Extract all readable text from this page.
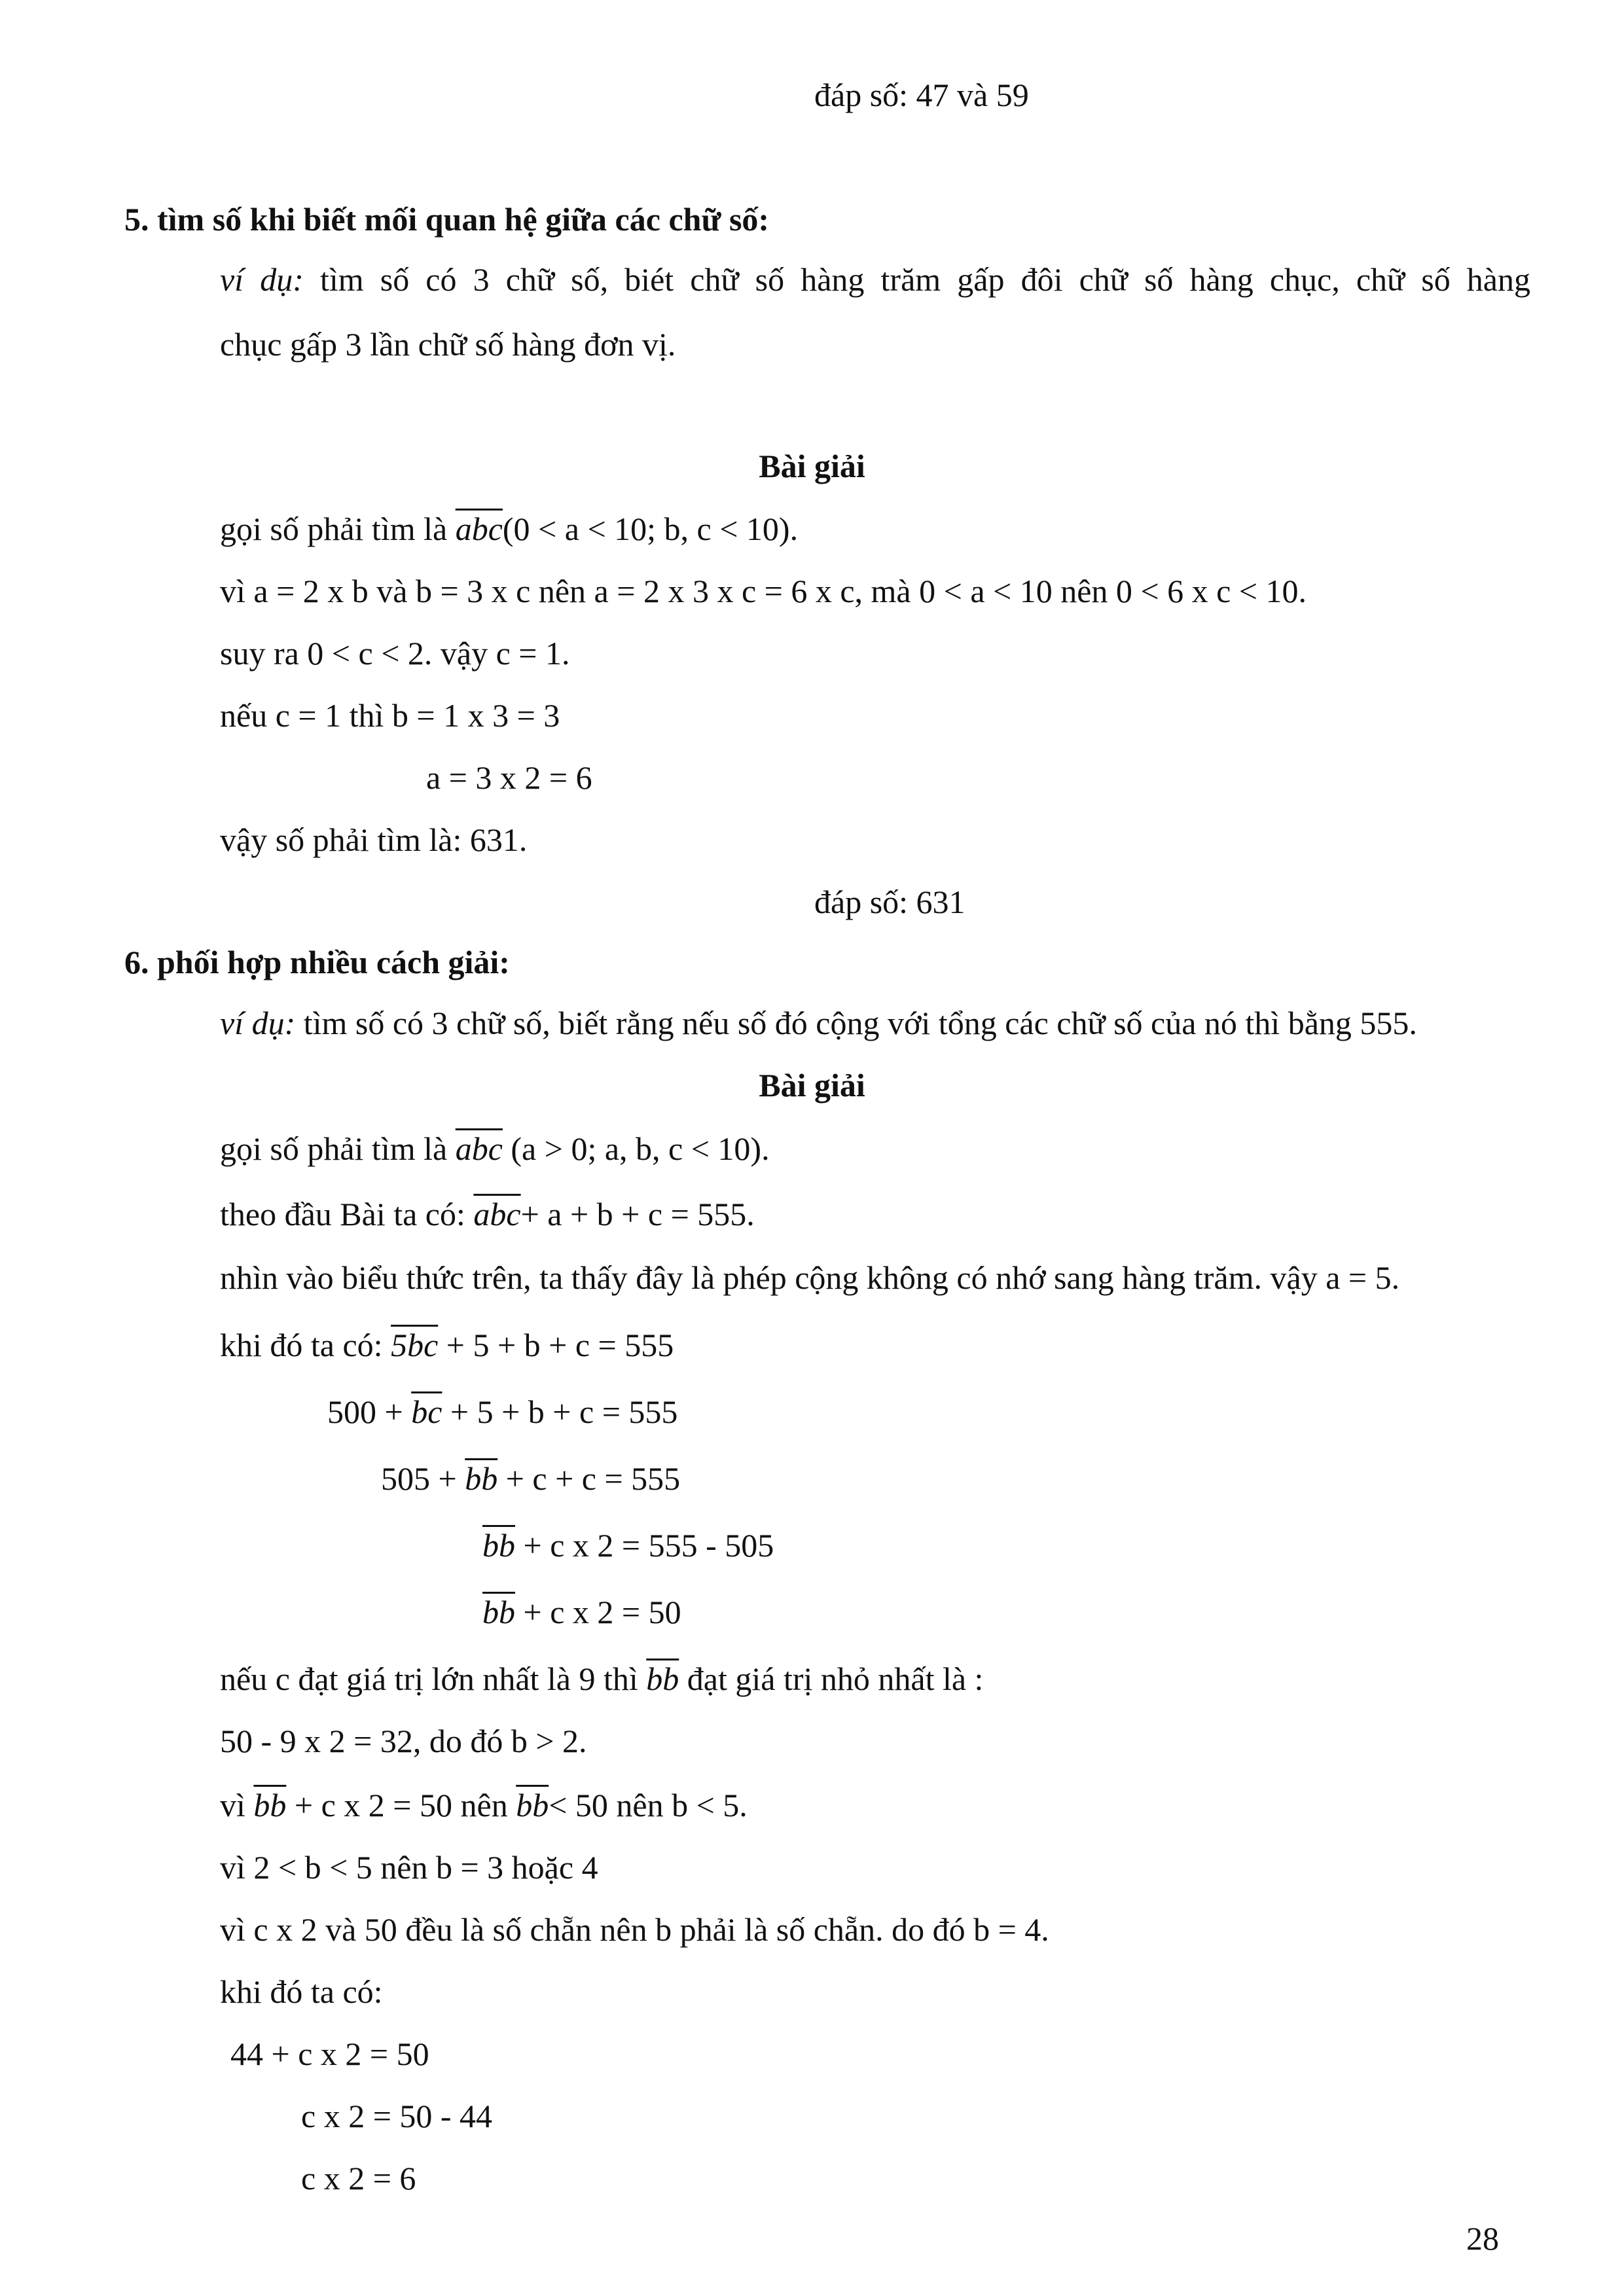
đáp số: 47 và 59
5. tìm số khi biết mối quan hệ giữa các chữ số:
ví dụ: tìm số có 3 chữ số, biét chữ số hàng trăm gấp đôi chữ số hàng chục, chữ số hàng
chục gấp 3 lần chữ số hàng đơn vị.
Bài giải
gọi số phải tìm là $\overline{abc}(0 < a < 10$; b, c < 10).
vì a = 2 x b và b = 3 x c nên a = 2 x 3 x c = 6 x c, mà 0 < a < 10 nên 0 < 6 x c < 10.
suy ra 0 < c < 2. vậy c = 1.
nếu c = 1 thì b = 1 x 3 = 3
a = 3 x 2 = 6
vậy số phải tìm là: 631.
đáp số: 631
6. phối hợp nhiều cách giải:
ví dụ: tìm số có 3 chữ số, biết rằng nếu số đó cộng với tổng các chữ số của nó thì bằng 555.
Bài giải
gọi số phải tìm là $\overline{abc}$ (a > 0; a, b, c < 10).
theo đầu Bài ta có: $\overline{abc}+ a + b + c = 555$.
nhìn vào biểu thức trên, ta thấy đây là phép cộng không có nhớ sang hàng trăm. vậy a = 5.
khi đó ta có: 5bc + 5 + b + c = 555
$500 + \overline{bc} + 5 + b + c = 555$
$505 + \overline{bb} + c + c = 555$
$\overline{bb} + c$ x 2 = 555 - 505
$\overline{bb} + c$ x 2 = 50
nếu c đạt giá trị lớn nhất là 9 thì $\overline{bb}$ đạt giá trị nhỏ nhất là :
50 - 9 x 2 = 32, do đó b > 2.
vì $\overline{bb} + c$ x 2 = 50 nên $\overline{bb}< 50$ nên b < 5.
vì 2 < b < 5 nên b = 3 hoặc 4
vì c x 2 và 50 đều là số chẵn nên b phải là số chẵn. do đó b = 4.
khi đó ta có:
44 + c x 2 = 50
c x 2 = 50 - 44
c x 2 = 6
28
